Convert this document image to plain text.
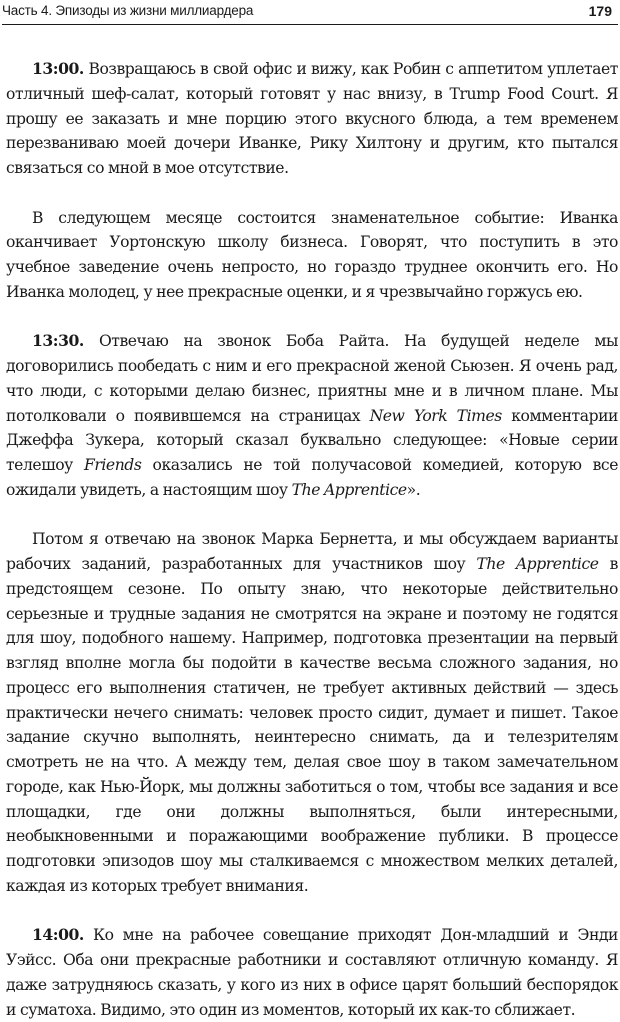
Часть 4. Эпизоды из жизни миллиардера	179

13:00. Возвращаюсь в свой офис и вижу, как Робин с аппетитом уплетает отличный шеф-салат, который готовят у нас внизу, в Trump Food Court. Я прошу ее заказать и мне порцию этого вкусного блюда, а тем временем перезваниваю моей дочери Иванке, Рику Хилтону и другим, кто пытался связаться со мной в мое отсутствие.

В следующем месяце состоится знаменательное событие: Иванка оканчивает Уортонскую школу бизнеса. Говорят, что поступить в это учебное заведение очень непросто, но гораздо труднее окончить его. Но Иванка молодец, у нее прекрасные оценки, и я чрезвычайно горжусь ею.

13:30. Отвечаю на звонок Боба Райта. На будущей неделе мы договорились пообедать с ним и его прекрасной женой Сьюзен. Я очень рад, что люди, с которыми делаю бизнес, приятны мне и в личном плане. Мы потолковали о появившемся на страницах New York Times комментарии Джеффа Зукера, который сказал буквально следующее: «Новые серии телешоу Friends оказались не той получасовой комедией, которую все ожидали увидеть, а настоящим шоу The Apprentice».

Потом я отвечаю на звонок Марка Бернетта, и мы обсуждаем варианты рабочих заданий, разработанных для участников шоу The Apprentice в предстоящем сезоне. По опыту знаю, что некоторые действительно серьезные и трудные задания не смотрятся на экране и поэтому не годятся для шоу, подобного нашему. Например, подготовка презентации на первый взгляд вполне могла бы подойти в качестве весьма сложного задания, но процесс его выполнения статичен, не требует активных действий — здесь практически нечего снимать: человек просто сидит, думает и пишет. Такое задание скучно выполнять, неинтересно снимать, да и телезрителям смотреть не на что. А между тем, делая свое шоу в таком замечательном городе, как Нью-Йорк, мы должны заботиться о том, чтобы все задания и все площадки, где они должны выполняться, были интересными, необыкновенными и поражающими воображение публики. В процессе подготовки эпизодов шоу мы сталкиваемся с множеством мелких деталей, каждая из которых требует внимания.

14:00. Ко мне на рабочее совещание приходят Дон-младший и Энди Уэйсс. Оба они прекрасные работники и составляют отличную команду. Я даже затрудняюсь сказать, у кого из них в офисе царят больший беспорядок и суматоха. Видимо, это один из моментов, который их как-то сближает.
